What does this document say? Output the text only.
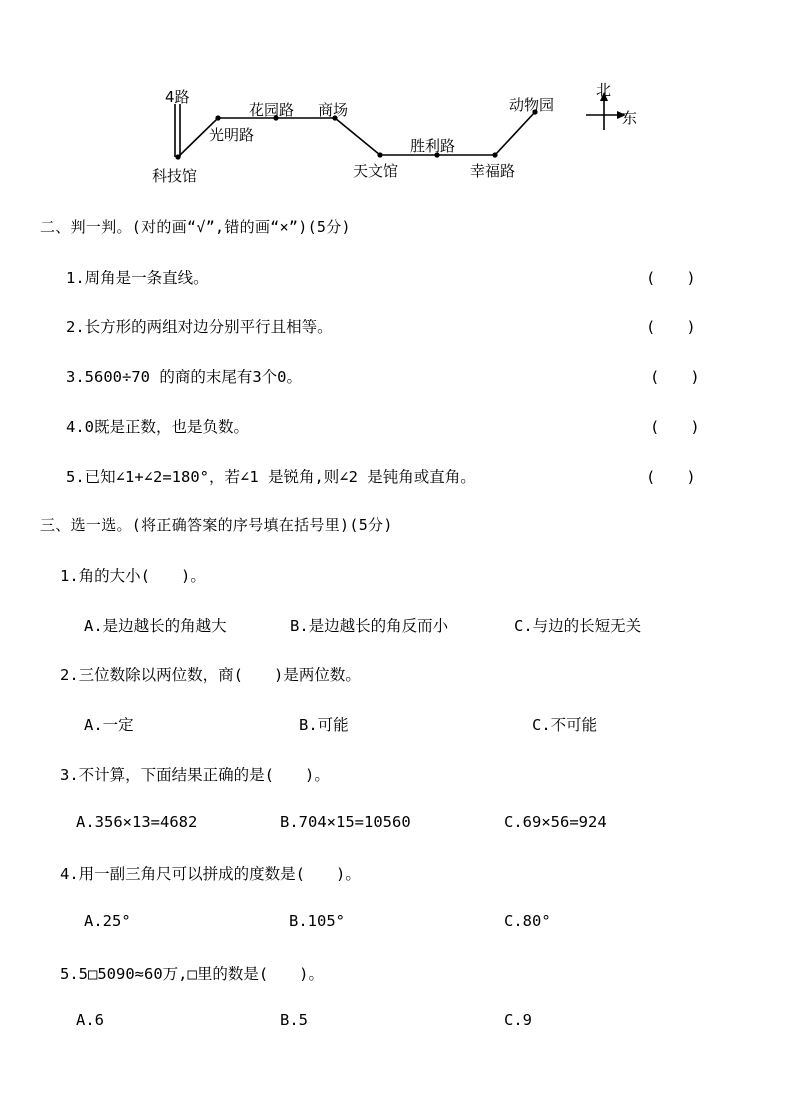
4路
光明路
花园路 商场
科技馆	天文馆
胜利路
幸福路
动物园
北
东
二、判一判。(对的画“√”,错的画“×”)(5分)
1.周角是一条直线。	(　　)
2.长方形的两组对边分别平行且相等。	(　　)
3.5600÷70 的商的末尾有3个0。	(　　)
4.0既是正数，也是负数。	(　　)
5.已知∠1+∠2=180°，若∠1 是锐角,则∠2 是钝角或直角。	(　　)
三、选一选。(将正确答案的序号填在括号里)(5分)
1.角的大小(　　)。
A.是边越长的角越大	B.是边越长的角反而小	C.与边的长短无关
2.三位数除以两位数，商(　　)是两位数。
A.一定	B.可能	C.不可能
3.不计算，下面结果正确的是(　　)。
A.356×13=4682	B.704×15=10560	C.69×56=924
4.用一副三角尺可以拼成的度数是(　　)。
A.25°	B.105°	C.80°
5.5□5090≈60万,□里的数是(　　)。
A.6	B.5	C.9
